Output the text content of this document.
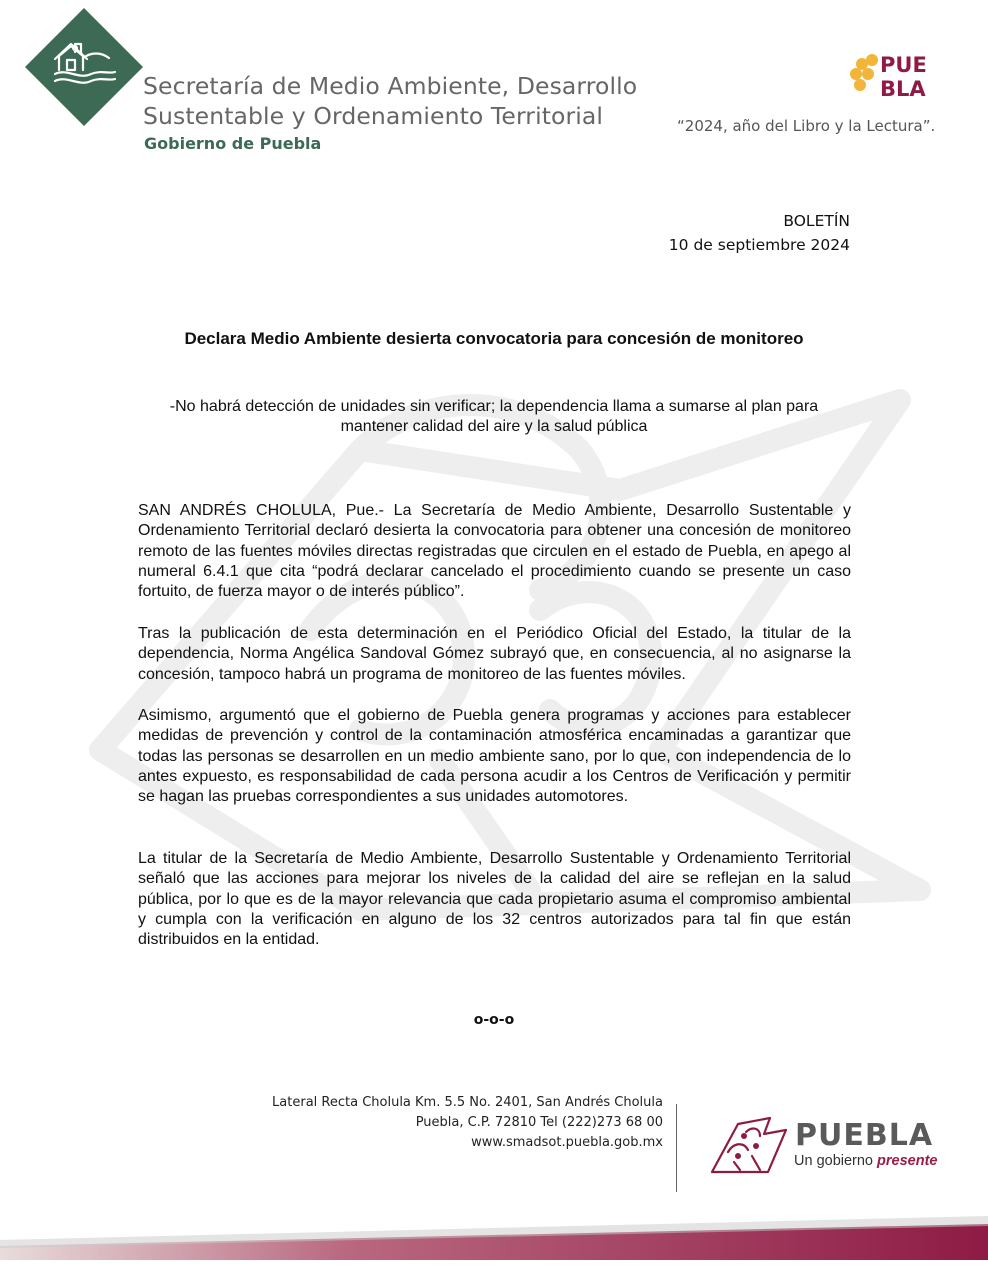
Secretaría de Medio Ambiente, Desarrollo
Sustentable y Ordenamiento Territorial
Gobierno de Puebla
PUE
BLA
“2024, año del Libro y la Lectura”.
BOLETÍN
10 de septiembre 2024
Declara Medio Ambiente desierta convocatoria para concesión de monitoreo
-No habrá detección de unidades sin verificar; la dependencia llama a sumarse al plan para mantener calidad del aire y la salud pública
SAN ANDRÉS CHOLULA, Pue.- La Secretaría de Medio Ambiente, Desarrollo Sustentable y Ordenamiento Territorial declaró desierta la convocatoria para obtener una concesión de monitoreo remoto de las fuentes móviles directas registradas que circulen en el estado de Puebla, en apego al numeral 6.4.1 que cita “podrá declarar cancelado el procedimiento cuando se presente un caso fortuito, de fuerza mayor o de interés público”.
Tras la publicación de esta determinación en el Periódico Oficial del Estado, la titular de la dependencia, Norma Angélica Sandoval Gómez subrayó que, en consecuencia, al no asignarse la concesión, tampoco habrá un programa de monitoreo de las fuentes móviles.
Asimismo, argumentó que el gobierno de Puebla genera programas y acciones para establecer medidas de prevención y control de la contaminación atmosférica encaminadas a garantizar que todas las personas se desarrollen en un medio ambiente sano, por lo que, con independencia de lo antes expuesto, es responsabilidad de cada persona acudir a los Centros de Verificación y permitir se hagan las pruebas correspondientes a sus unidades automotores.
La titular de la Secretaría de Medio Ambiente, Desarrollo Sustentable y Ordenamiento Territorial señaló que las acciones para mejorar los niveles de la calidad del aire se reflejan en la salud pública, por lo que es de la mayor relevancia que cada propietario asuma el compromiso ambiental y cumpla con la verificación en alguno de los 32 centros autorizados para tal fin que están distribuidos en la entidad.
o-o-o
Lateral Recta Cholula Km. 5.5 No. 2401, San Andrés Cholula
Puebla, C.P. 72810 Tel (222)273 68 00
www.smadsot.puebla.gob.mx	PUEBLA
Un gobierno presente
